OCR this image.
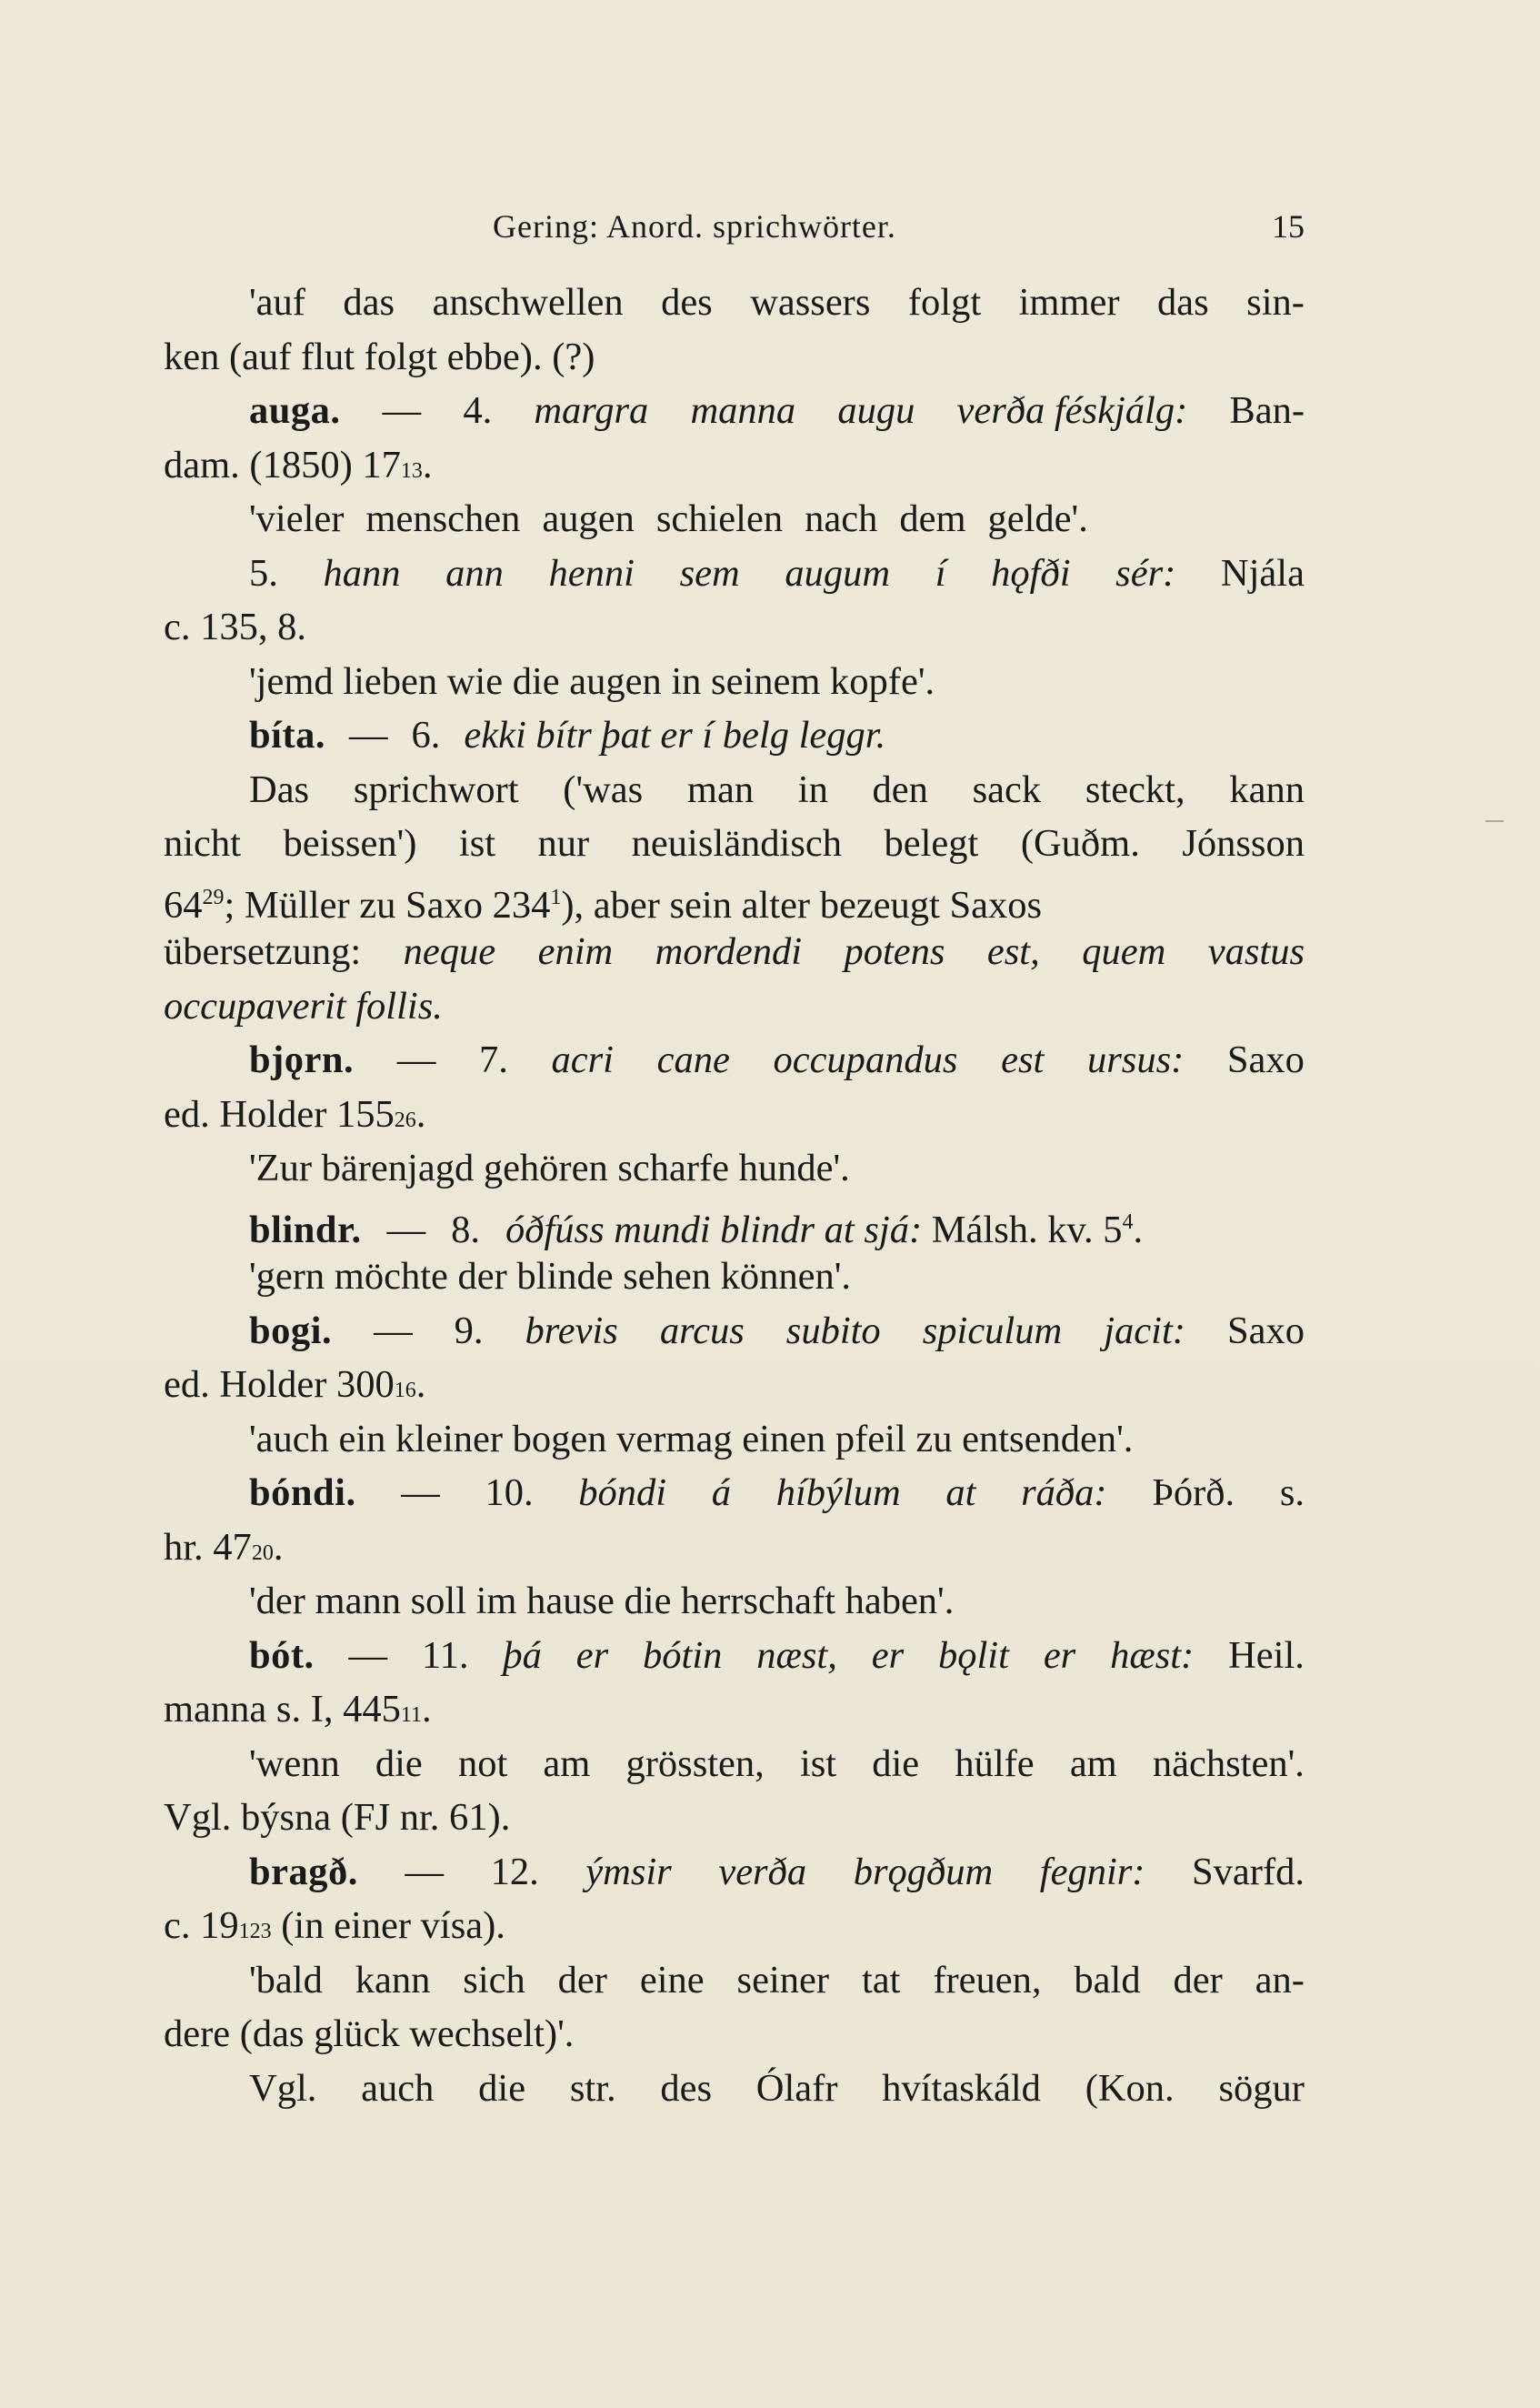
Gering: Anord. sprichwörter.	15
'auf das anschwellen des wassers folgt immer das sin-
ken (auf flut folgt ebbe). (?)
auga. — 4. margra manna augu verða féskjálg: Ban-
dam. (1850) 17 13 .
'vieler menschen augen schielen nach dem gelde'.
5. hann ann henni sem augum í hǫfði sér: Njála
c. 135, 8.
'jemd lieben wie die augen in seinem kopfe'.
bíta. — 6. ekki bítr þat er í belg leggr.
Das sprichwort ('was man in den sack steckt, kann
nicht beissen') ist nur neuisländisch belegt (Guðm. Jónsson
$64^{29}$; Müller zu Saxo $234^1$), aber sein alter bezeugt Saxos
übersetzung: neque enim mordendi potens est, quem vastus
occupaverit follis.
bjǫrn. — 7. acri cane occupandus est ursus: Saxo
ed. Holder 155 26 .
'Zur bärenjagd gehören scharfe hunde'.
blindr. — 8. óðfúss mundi blindr at sjá: Málsh. kv. $5^4$.
'gern möchte der blinde sehen können'.
bogi. — 9. brevis arcus subito spiculum jacit: Saxo
ed. Holder 300 16 .
'auch ein kleiner bogen vermag einen pfeil zu entsenden'.
bóndi. — 10. bóndi á híbýlum at ráða: Þórð. s.
hr. 47 20 .
'der mann soll im hause die herrschaft haben'.
bót. — 11. þá er bótin næst, er bǫlit er hæst: Heil.
manna s. I, 445 11 .
'wenn die not am grössten, ist die hülfe am nächsten'.
Vgl. býsna (FJ nr. 61).
bragð. — 12. ýmsir verða brǫgðum fegnir: Svarfd.
c. 19 123 (in einer vísa).
'bald kann sich der eine seiner tat freuen, bald der an-
dere (das glück wechselt)'.
Vgl. auch die str. des Ólafr hvítaskáld (Kon. sögur
